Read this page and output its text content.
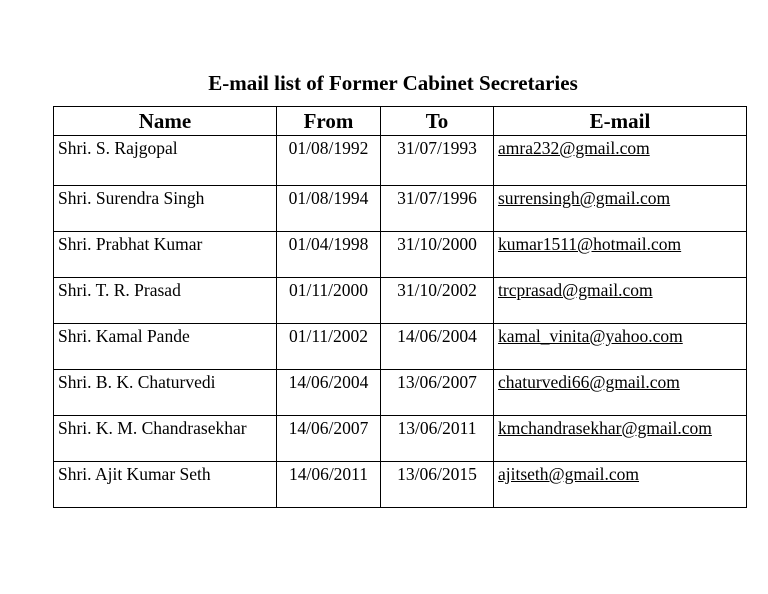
E-mail list of Former Cabinet Secretaries
Name	From	To	E-mail
Shri. S. Rajgopal	01/08/1992	31/07/1993	amra232@gmail.com
Shri. Surendra Singh	01/08/1994	31/07/1996	surrensingh@gmail.com
Shri. Prabhat Kumar	01/04/1998	31/10/2000	kumar1511@hotmail.com
Shri. T. R. Prasad	01/11/2000	31/10/2002	trcprasad@gmail.com
Shri. Kamal Pande	01/11/2002	14/06/2004	kamal_vinita@yahoo.com
Shri. B. K. Chaturvedi	14/06/2004	13/06/2007	chaturvedi66@gmail.com
Shri. K. M. Chandrasekhar	14/06/2007	13/06/2011	kmchandrasekhar@gmail.com
Shri. Ajit Kumar Seth	14/06/2011	13/06/2015	ajitseth@gmail.com
